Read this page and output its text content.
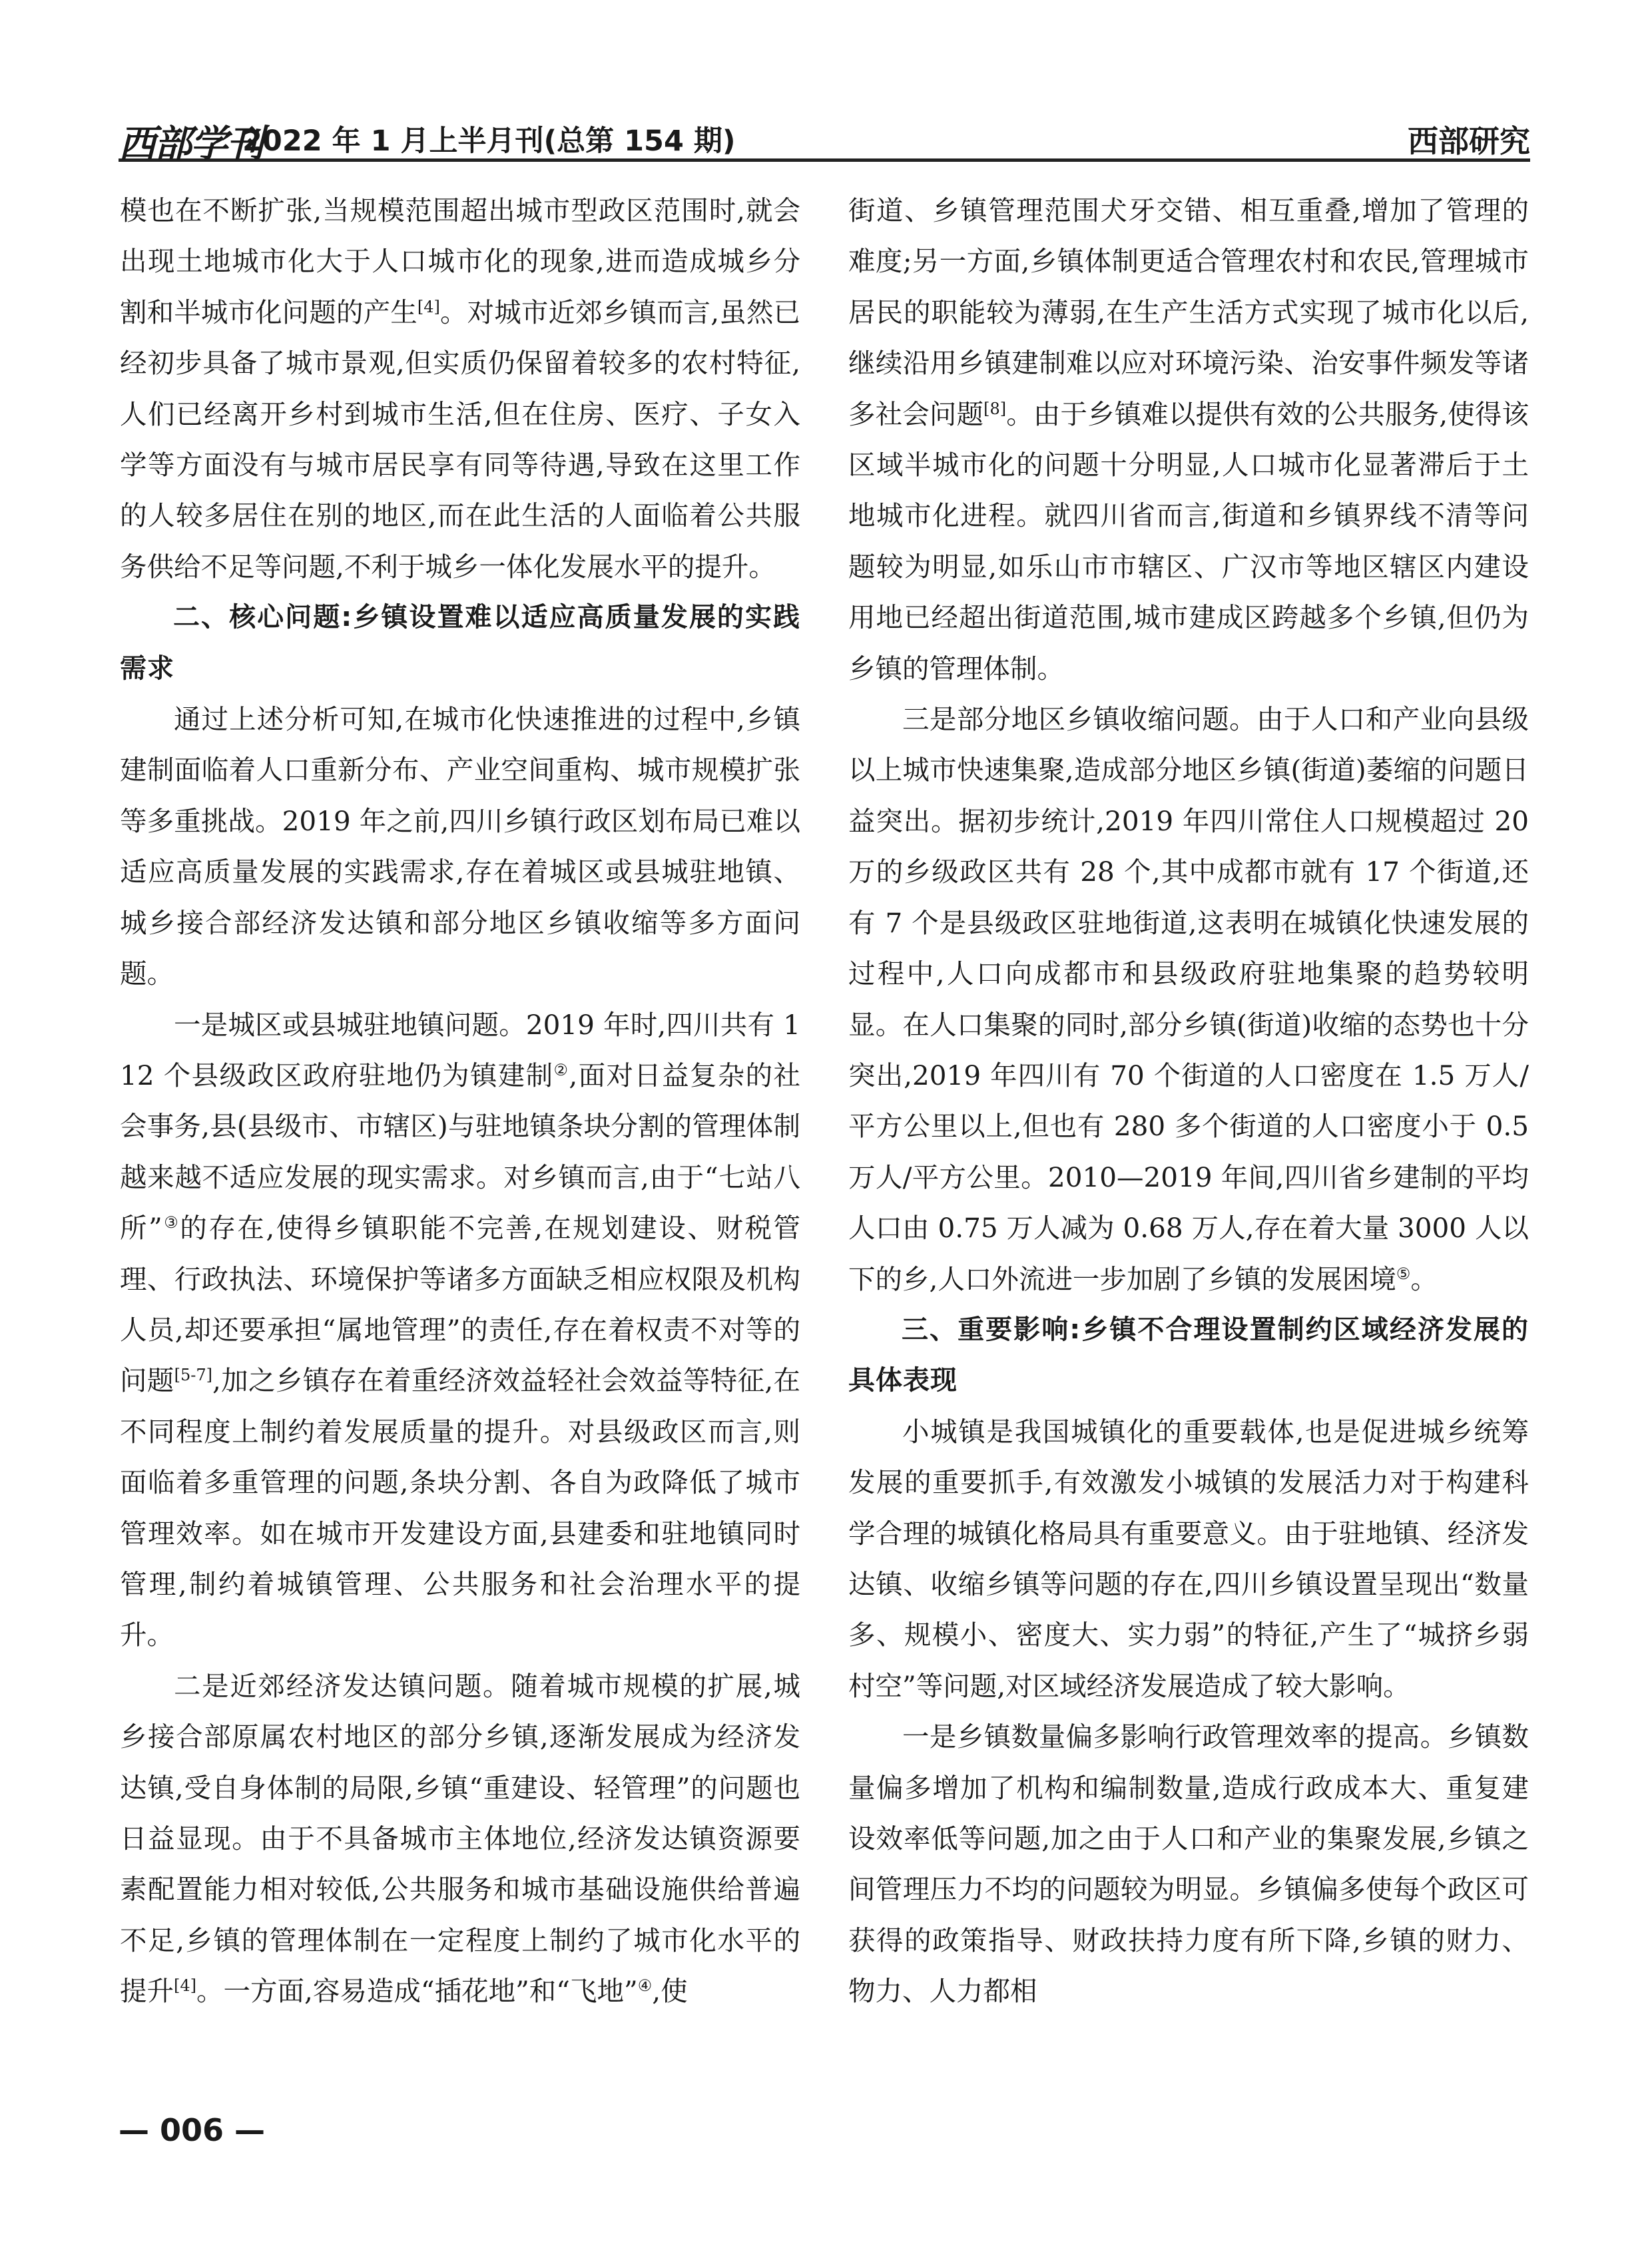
西部学刊
2022 年 1 月上半月刊(总第 154 期)	西部研究

模也在不断扩张,当规模范围超出城市型政区范围时,就会出现土地城市化大于人口城市化的现象,进而造成城乡分割和半城市化问题的产生[4]。对城市近郊乡镇而言,虽然已经初步具备了城市景观,但实质仍保留着较多的农村特征,人们已经离开乡村到城市生活,但在住房、医疗、子女入学等方面没有与城市居民享有同等待遇,导致在这里工作的人较多居住在别的地区,而在此生活的人面临着公共服务供给不足等问题,不利于城乡一体化发展水平的提升。

二、核心问题:乡镇设置难以适应高质量发展的实践需求

通过上述分析可知,在城市化快速推进的过程中,乡镇建制面临着人口重新分布、产业空间重构、城市规模扩张等多重挑战。2019 年之前,四川乡镇行政区划布局已难以适应高质量发展的实践需求,存在着城区或县城驻地镇、城乡接合部经济发达镇和部分地区乡镇收缩等多方面问题。

一是城区或县城驻地镇问题。2019 年时,四川共有 112 个县级政区政府驻地仍为镇建制②,面对日益复杂的社会事务,县(县级市、市辖区)与驻地镇条块分割的管理体制越来越不适应发展的现实需求。对乡镇而言,由于“七站八所”③的存在,使得乡镇职能不完善,在规划建设、财税管理、行政执法、环境保护等诸多方面缺乏相应权限及机构人员,却还要承担“属地管理”的责任,存在着权责不对等的问题[5-7],加之乡镇存在着重经济效益轻社会效益等特征,在不同程度上制约着发展质量的提升。对县级政区而言,则面临着多重管理的问题,条块分割、各自为政降低了城市管理效率。如在城市开发建设方面,县建委和驻地镇同时管理,制约着城镇管理、公共服务和社会治理水平的提升。

二是近郊经济发达镇问题。随着城市规模的扩展,城乡接合部原属农村地区的部分乡镇,逐渐发展成为经济发达镇,受自身体制的局限,乡镇“重建设、轻管理”的问题也日益显现。由于不具备城市主体地位,经济发达镇资源要素配置能力相对较低,公共服务和城市基础设施供给普遍不足,乡镇的管理体制在一定程度上制约了城市化水平的提升[4]。一方面,容易造成“插花地”和“飞地”④,使

街道、乡镇管理范围犬牙交错、相互重叠,增加了管理的难度;另一方面,乡镇体制更适合管理农村和农民,管理城市居民的职能较为薄弱,在生产生活方式实现了城市化以后,继续沿用乡镇建制难以应对环境污染、治安事件频发等诸多社会问题[8]。由于乡镇难以提供有效的公共服务,使得该区域半城市化的问题十分明显,人口城市化显著滞后于土地城市化进程。就四川省而言,街道和乡镇界线不清等问题较为明显,如乐山市市辖区、广汉市等地区辖区内建设用地已经超出街道范围,城市建成区跨越多个乡镇,但仍为乡镇的管理体制。

三是部分地区乡镇收缩问题。由于人口和产业向县级以上城市快速集聚,造成部分地区乡镇(街道)萎缩的问题日益突出。据初步统计,2019 年四川常住人口规模超过 20 万的乡级政区共有 28 个,其中成都市就有 17 个街道,还有 7 个是县级政区驻地街道,这表明在城镇化快速发展的过程中,人口向成都市和县级政府驻地集聚的趋势较明显。在人口集聚的同时,部分乡镇(街道)收缩的态势也十分突出,2019 年四川有 70 个街道的人口密度在 1.5 万人/平方公里以上,但也有 280 多个街道的人口密度小于 0.5 万人/平方公里。2010—2019 年间,四川省乡建制的平均人口由 0.75 万人减为 0.68 万人,存在着大量 3000 人以下的乡,人口外流进一步加剧了乡镇的发展困境⑤。

三、重要影响:乡镇不合理设置制约区域经济发展的具体表现

小城镇是我国城镇化的重要载体,也是促进城乡统筹发展的重要抓手,有效激发小城镇的发展活力对于构建科学合理的城镇化格局具有重要意义。由于驻地镇、经济发达镇、收缩乡镇等问题的存在,四川乡镇设置呈现出“数量多、规模小、密度大、实力弱”的特征,产生了“城挤乡弱村空”等问题,对区域经济发展造成了较大影响。

一是乡镇数量偏多影响行政管理效率的提高。乡镇数量偏多增加了机构和编制数量,造成行政成本大、重复建设效率低等问题,加之由于人口和产业的集聚发展,乡镇之间管理压力不均的问题较为明显。乡镇偏多使每个政区可获得的政策指导、财政扶持力度有所下降,乡镇的财力、物力、人力都相

— 006 —
